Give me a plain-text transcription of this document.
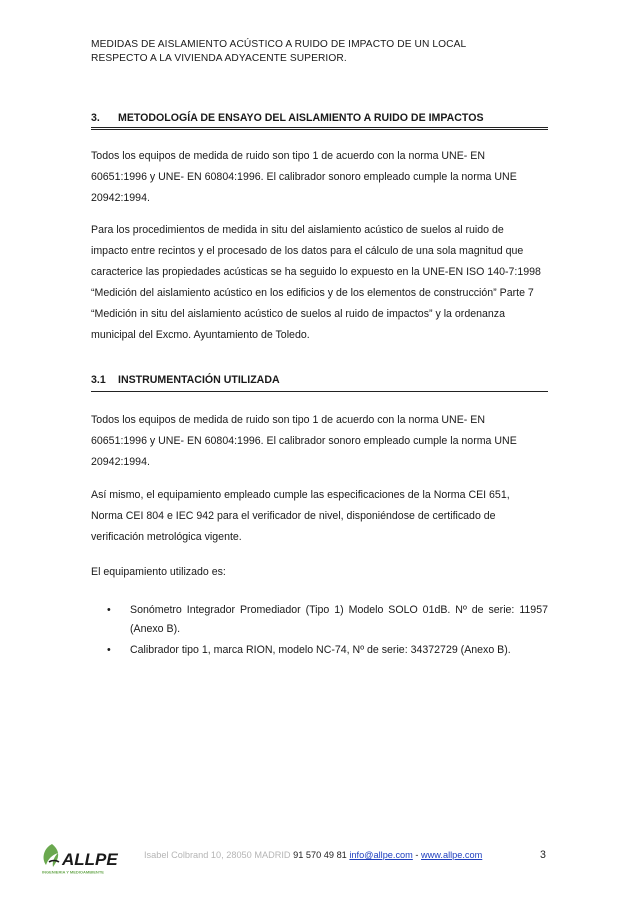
MEDIDAS DE AISLAMIENTO ACÚSTICO A RUIDO DE IMPACTO DE UN LOCAL
RESPECTO A LA VIVIENDA ADYACENTE SUPERIOR.
3. METODOLOGÍA DE ENSAYO DEL AISLAMIENTO A RUIDO DE IMPACTOS
Todos los equipos de medida de ruido son tipo 1 de acuerdo con la norma UNE- EN
60651:1996 y UNE- EN 60804:1996. El calibrador sonoro empleado cumple la norma UNE
20942:1994.
Para los procedimientos de medida in situ del aislamiento acústico de suelos al ruido de
impacto entre recintos y el procesado de los datos para el cálculo de una sola magnitud que
caractericе las propiedades acústicas se ha seguido lo expuesto en la UNE-EN ISO 140-7:1998
“Medición del aislamiento acústico en los edificios y de los elementos de construcción” Parte 7
“Medición in situ del aislamiento acústico de suelos al ruido de impactos” y la ordenanza
municipal del Excmo. Ayuntamiento de Toledo.
3.1 INSTRUMENTACIÓN UTILIZADA
Todos los equipos de medida de ruido son tipo 1 de acuerdo con la norma UNE- EN
60651:1996 y UNE- EN 60804:1996. El calibrador sonoro empleado cumple la norma UNE
20942:1994.
Así mismo, el equipamiento empleado cumple las especificaciones de la Norma CEI 651,
Norma CEI 804 e IEC 942 para el verificador de nivel, disponiéndose de certificado de
verificación metrológica vigente.
El equipamiento utilizado es:
• Sonómetro Integrador Promediador (Tipo 1) Modelo SOLO 01dB. Nº de serie: 11957 (Anexo B).
• Calibrador tipo 1, marca RION, modelo NC-74, Nº de serie: 34372729 (Anexo B).
ALLPE
INGENIERIA Y MEDIOAMBIENTE
Isabel Colbrand 10, 28050 MADRID 91 570 49 81 info@allpe.com - www.allpe.com	3
